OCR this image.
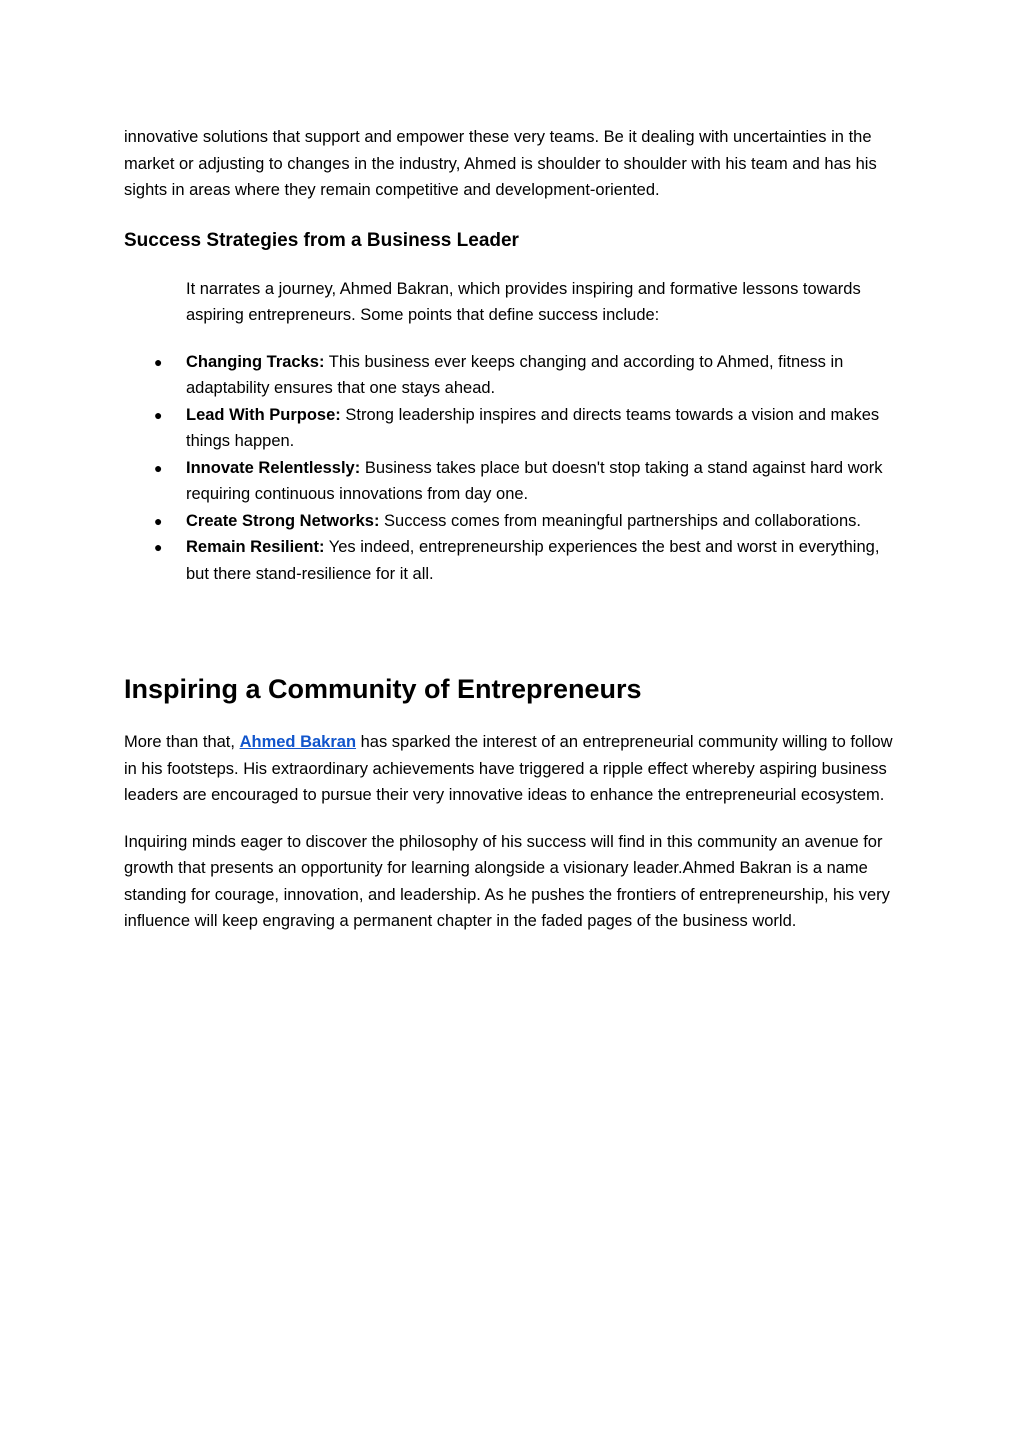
innovative solutions that support and empower these very teams. Be it dealing with uncertainties in the market or adjusting to changes in the industry, Ahmed is shoulder to shoulder with his team and has his sights in areas where they remain competitive and development-oriented.

Success Strategies from a Business Leader

It narrates a journey, Ahmed Bakran, which provides inspiring and formative lessons towards aspiring entrepreneurs. Some points that define success include:

● Changing Tracks: This business ever keeps changing and according to Ahmed, fitness in adaptability ensures that one stays ahead.
● Lead With Purpose: Strong leadership inspires and directs teams towards a vision and makes things happen.
● Innovate Relentlessly: Business takes place but doesn't stop taking a stand against hard work requiring continuous innovations from day one.
● Create Strong Networks: Success comes from meaningful partnerships and collaborations.
● Remain Resilient: Yes indeed, entrepreneurship experiences the best and worst in everything, but there stand-resilience for it all.
Inspiring a Community of Entrepreneurs

More than that, Ahmed Bakran has sparked the interest of an entrepreneurial community willing to follow in his footsteps. His extraordinary achievements have triggered a ripple effect whereby aspiring business leaders are encouraged to pursue their very innovative ideas to enhance the entrepreneurial ecosystem.

Inquiring minds eager to discover the philosophy of his success will find in this community an avenue for growth that presents an opportunity for learning alongside a visionary leader.Ahmed Bakran is a name standing for courage, innovation, and leadership. As he pushes the frontiers of entrepreneurship, his very influence will keep engraving a permanent chapter in the faded pages of the business world.
